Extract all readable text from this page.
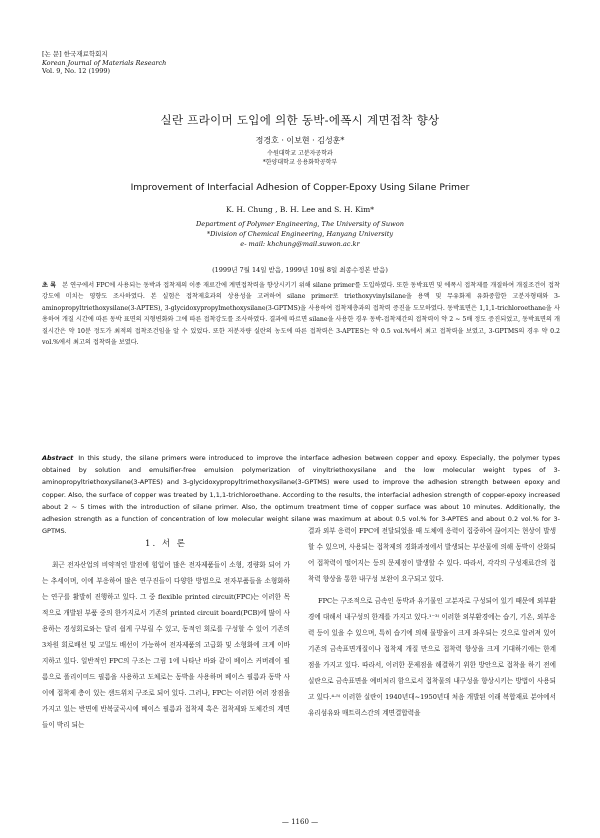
[논 문] 한국재료학회지
Korean Journal of Materials Research
Vol. 9, No. 12 (1999)
실란 프라이머 도입에 의한 동박-에폭시 계면접착 향상
정경호 · 이보현 · 김성훈*
수원대학교 고분자공학과
*한양대학교 응용화학공학부
Improvement of Interfacial Adhesion of Copper-Epoxy Using Silane Primer
K. H. Chung , B. H. Lee and S. H. Kim*
Department of Polymer Engineering, The University of Suwon
*Division of Chemical Engineering, Hanyang University
e- mail: khchung@mail.suwon.ac.kr
(1999년 7월 14일 받음, 1999년 10월 8일 최종수정본 받음)
초 록 본 연구에서 FPC에 사용되는 동박과 접착제의 이종 재료간에 계면접착력을 향상시키기 위해 silane primer를 도입하였다. 또한 동박표면 및 에폭시 접착제를 개질하여 개질조건이 접착강도에 미치는 영향도 조사하였다. 본 실험은 접착제효과의 상용성을 고려하여 silane primer로 triethoxyvinylsilane을 용액 및 무유화제 유화중합한 고분자형태와 3-aminopropyltriethoxysilane(3-APTES), 3-glycidoxypropylmethoxysilane(3-GPTMS)을 사용하여 접착제층과의 접착력 증진을 도모하였다. 동박표면은 1,1,1-trichloroethane을 사용하여 개질 시간에 따른 동박 표면의 지형변화와 그에 따른 접착강도를 조사하였다. 결과에 따르면 silane을 사용한 경우 동박-접착제간의 접착력이 약 2 ~ 5배 정도 증진되었고, 동박표면의 개질시간은 약 10분 정도가 최적의 접착조건임을 알 수 있었다. 또한 저분자량 실란의 농도에 따른 접착력은 3-APTES는 약 0.5 vol.%에서 최고 접착력을 보였고, 3-GPTMS의 경우 약 0.2 vol.%에서 최고의 접착력을 보였다.
Abstract In this study, the silane primers were introduced to improve the interface adhesion between copper and epoxy. Especially, the polymer types obtained by solution and emulsifier-free emulsion polymerization of vinyltriethoxysilane and the low molecular weight types of 3-aminopropyltriethoxysilane(3-APTES) and 3-glycidoxypropyltrimethoxysilane(3-GPTMS) were used to improve the adhesion strength between epoxy and copper. Also, the surface of copper was treated by 1,1,1-trichloroethane. According to the results, the interfacial adhesion strength of copper-epoxy increased about 2 ~ 5 times with the introduction of silane primer. Also, the optimum treatment time of copper surface was about 10 minutes. Additionally, the adhesion strength as a function of concentration of low molecular weight silane was maximum at about 0.5 vol.% for 3-APTES and about 0.2 vol.% for 3-GPTMS.
1. 서 론

최근 전자산업의 비약적인 발전에 힘입어 많은 전자제품들이 소형, 경량화 되어 가는 추세이며, 이에 부응하여 많은 연구진들이 다양한 방법으로 전자부품들을 소형화하는 연구를 활발히 진행하고 있다. 그 중 flexible printed circuit(FPC)는 이러한 목적으로 개발된 부품 중의 한가지로서 기존의 printed circuit board(PCB)에 많이 사용하는 경성회로와는 달리 쉽게 구부릴 수 있고, 동적인 회로를 구성할 수 있어 기존의 3차원 회로배선 및 고밀도 배선이 가능하여 전자제품의 고급화 및 소형화에 크게 이바지하고 있다. 일반적인 FPC의 구조는 그림 1에 나타난 바와 같이 베이스 커버레이 필름으로 폴리이미드 필름을 사용하고 도체로는 동박을 사용하며 베이스 필름과 동박 사이에 접착제 층이 있는 샌드위치 구조로 되어 있다. 그러나, FPC는 이러한 여러 장점을 가지고 있는 반면에 반복굴곡시에 베이스 필름과 접착제 혹은 접착제와 도체간의 계면들이 박리 되는

결과 외부 응력이 FPC에 전달되었을 때 도체에 응력이 집중하여 끊어지는 현상이 발생할 수 있으며, 사용되는 접착제의 경화과정에서 발생되는 부산물에 의해 동박이 산화되어 접착력이 떨어지는 등의 문제점이 발생할 수 있다. 따라서, 각각의 구성재료간의 접착력 향상을 통한 내구성 보완이 요구되고 있다.

FPC는 구조적으로 금속인 동박과 유기물인 고분자로 구성되어 있기 때문에 외부환경에 대해서 내구성의 한계를 가지고 있다.¹⁻³⁾ 이러한 외부환경에는 습기, 기온, 외부응력 등이 있을 수 있으며, 특히 습기에 의해 물방울이 크게 좌우되는 것으로 알려져 있어 기존의 금속표면개질이나 접착제 개질 만으로 접착력 향상을 크게 기대하기에는 한계점을 가지고 있다. 따라서, 이러한 문제점을 해결하기 위한 방안으로 접착을 하기 전에 실란으로 금속표면을 예비처리 함으로서 접착물의 내구성을 향상시키는 방법이 사용되고 있다.⁴·⁵⁾ 이러한 실란이 1940년대~1950년대 처음 개발된 이래 복합재료 분야에서 유리섬유와 매트릭스간의 계면결합력을

— 1160 —
